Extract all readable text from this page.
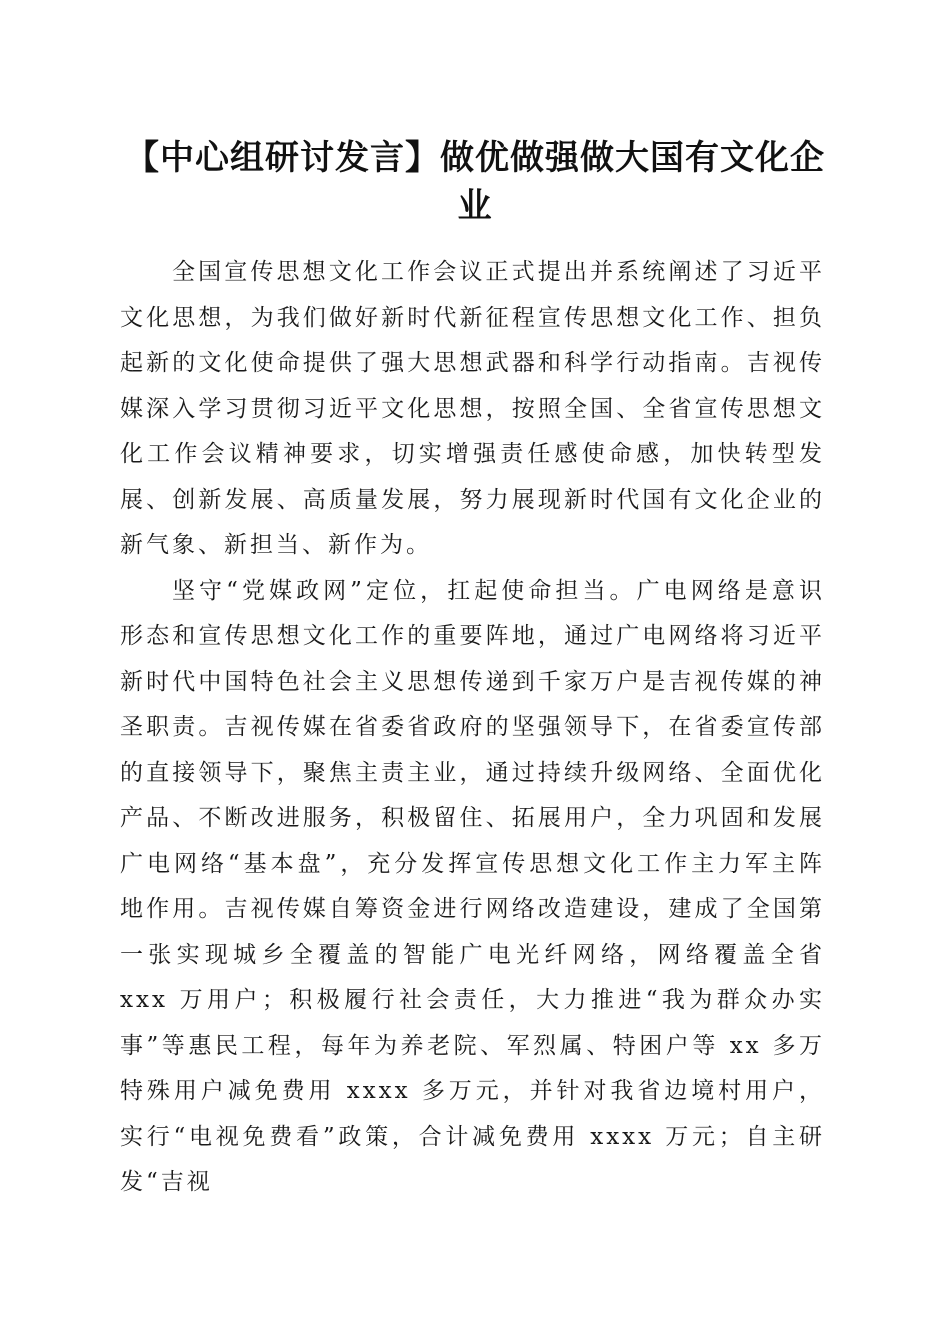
【中心组研讨发言】做优做强做大国有文化企业

全国宣传思想文化工作会议正式提出并系统阐述了习近平文化思想，为我们做好新时代新征程宣传思想文化工作、担负起新的文化使命提供了强大思想武器和科学行动指南。吉视传媒深入学习贯彻习近平文化思想，按照全国、全省宣传思想文化工作会议精神要求，切实增强责任感使命感，加快转型发展、创新发展、高质量发展，努力展现新时代国有文化企业的新气象、新担当、新作为。

坚守“党媒政网”定位，扛起使命担当。广电网络是意识形态和宣传思想文化工作的重要阵地，通过广电网络将习近平新时代中国特色社会主义思想传递到千家万户是吉视传媒的神圣职责。吉视传媒在省委省政府的坚强领导下，在省委宣传部的直接领导下，聚焦主责主业，通过持续升级网络、全面优化产品、不断改进服务，积极留住、拓展用户，全力巩固和发展广电网络“基本盘”，充分发挥宣传思想文化工作主力军主阵地作用。吉视传媒自筹资金进行网络改造建设，建成了全国第一张实现城乡全覆盖的智能广电光纤网络，网络覆盖全省 xxx 万用户；积极履行社会责任，大力推进“我为群众办实事”等惠民工程，每年为养老院、军烈属、特困户等 xx 多万特殊用户减免费用 xxxx 多万元，并针对我省边境村用户，实行“电视免费看”政策，合计减免费用 xxxx 万元；自主研发“吉视
